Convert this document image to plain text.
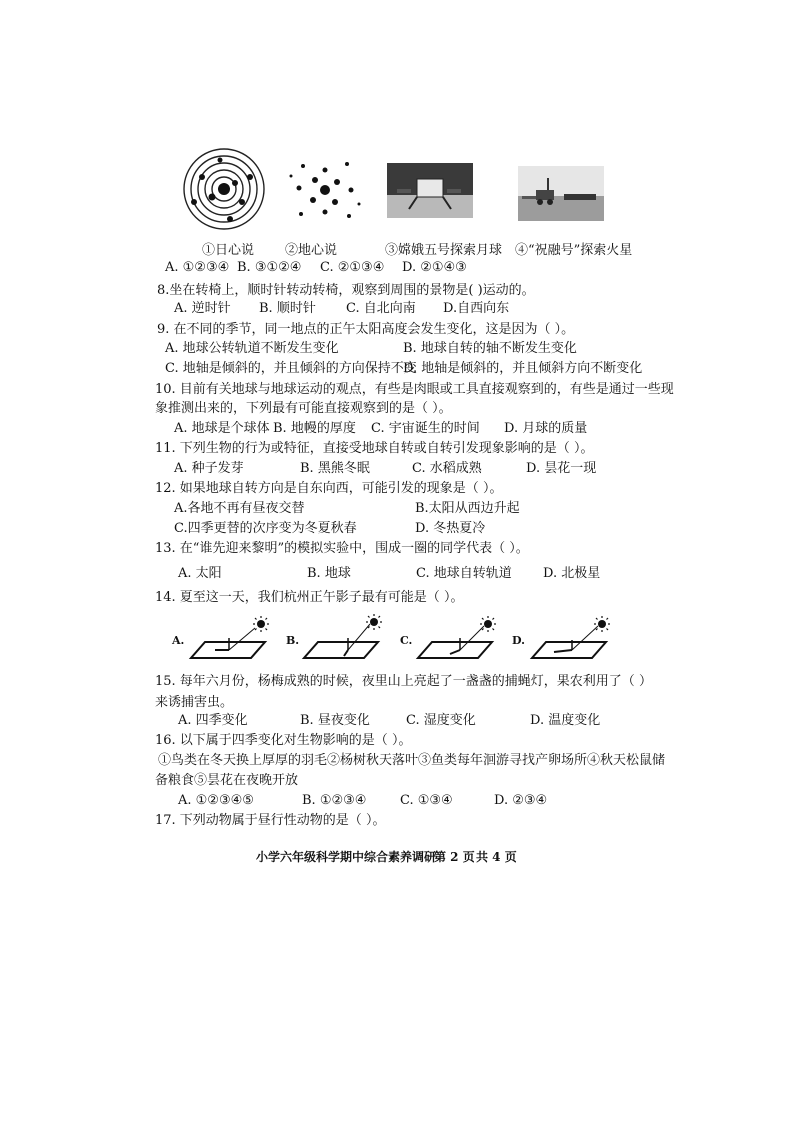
①日心说 ②地心说	③嫦娥五号探索月球 ④“祝融号”探索火星
A. ①②③④ B. ③①②④ C. ②①③④ D. ②①④③
8.坐在转椅上，顺时针转动转椅，观察到周围的景物是( )运动的。
A. 逆时针 B. 顺时针 C. 自北向南 D.自西向东
9. 在不同的季节，同一地点的正午太阳高度会发生变化，这是因为（ ）。
A. 地球公转轨道不断发生变化	B. 地球自转的轴不断发生变化
C. 地轴是倾斜的，并且倾斜的方向保持不变
D. 地轴是倾斜的，并且倾斜方向不断变化
10. 目前有关地球与地球运动的观点，有些是肉眼或工具直接观察到的，有些是通过一些现
象推测出来的，下列最有可能直接观察到的是（ ）。
A. 地球是个球体 B. 地幔的厚度 C. 宇宙诞生的时间 D. 月球的质量
11. 下列生物的行为或特征，直接受地球自转或自转引发现象影响的是（ ）。
A. 种子发芽	B. 黑熊冬眠	C. 水稻成熟	D. 昙花一现
12. 如果地球自转方向是自东向西，可能引发的现象是（ ）。
A.各地不再有昼夜交替	B.太阳从西边升起
C.四季更替的次序变为冬夏秋春	D. 冬热夏冷
13. 在“谁先迎来黎明”的模拟实验中，围成一圈的同学代表（ ）。
A. 太阳	B. 地球	C. 地球自转轨道 D. 北极星
14. 夏至这一天，我们杭州正午影子最有可能是（ ）。
A.	B.	C.	D.
15. 每年六月份，杨梅成熟的时候，夜里山上亮起了一盏盏的捕蝇灯，果农利用了（ ）
来诱捕害虫。
A. 四季变化	B. 昼夜变化	C. 湿度变化	D. 温度变化
16. 以下属于四季变化对生物影响的是（ ）。
①鸟类在冬天换上厚厚的羽毛②杨树秋天落叶③鱼类每年洄游寻找产卵场所④秋天松鼠储
备粮食⑤昙花在夜晚开放
A. ①②③④⑤	B. ①②③④	C. ①③④	D. ②③④
17. 下列动物属于昼行性动物的是（ ）。
小学六年级科学期中综合素养调研
第 2 页 共 4 页
